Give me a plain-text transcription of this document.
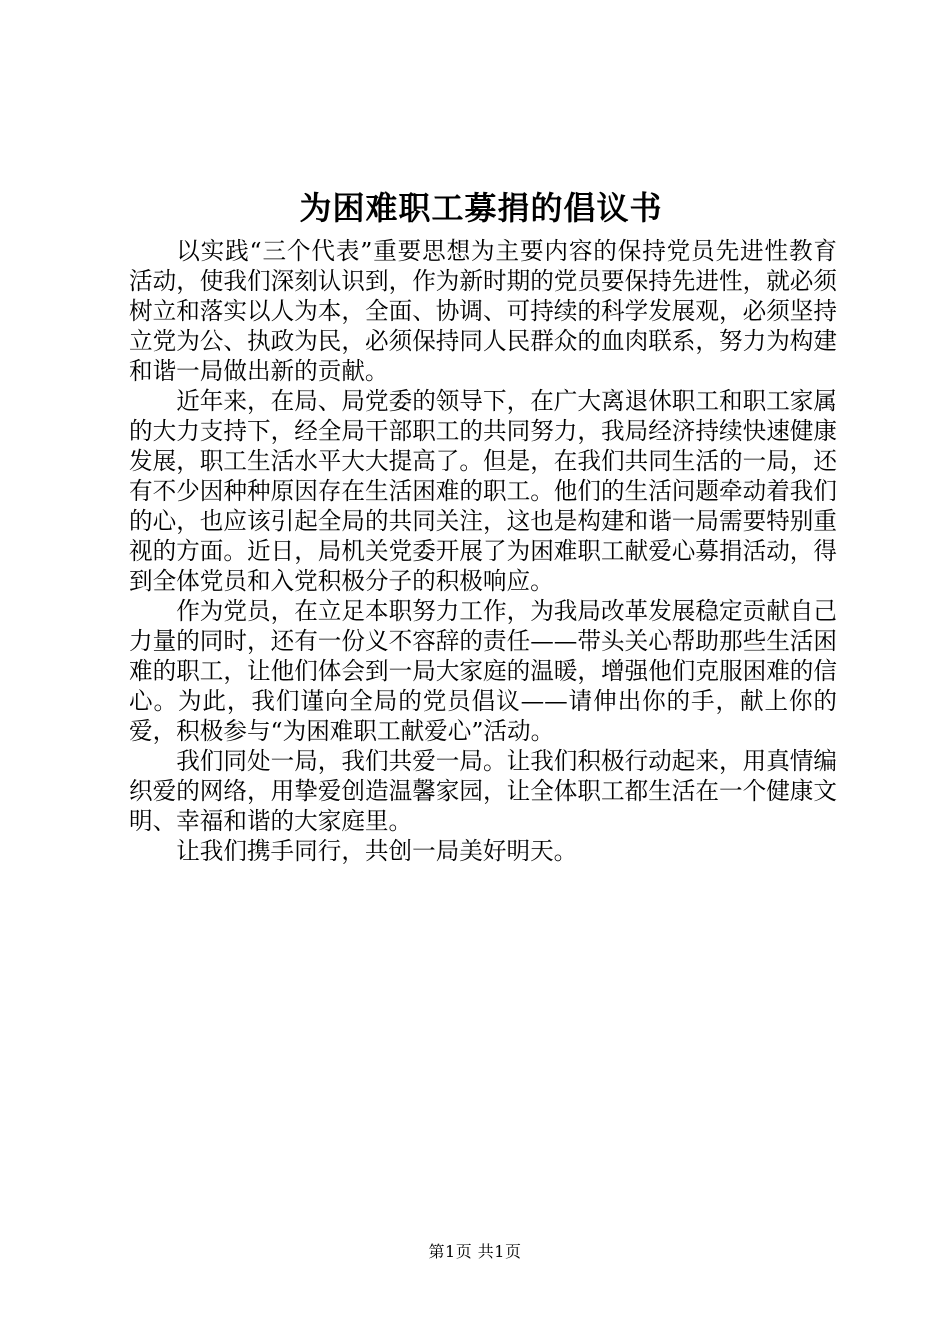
为困难职工募捐的倡议书

以实践“三个代表”重要思想为主要内容的保持党员先进性教育活动，使我们深刻认识到，作为新时期的党员要保持先进性，就必须树立和落实以人为本，全面、协调、可持续的科学发展观，必须坚持立党为公、执政为民，必须保持同人民群众的血肉联系，努力为构建和谐一局做出新的贡献。

近年来，在局、局党委的领导下，在广大离退休职工和职工家属的大力支持下，经全局干部职工的共同努力，我局经济持续快速健康发展，职工生活水平大大提高了。但是，在我们共同生活的一局，还有不少因种种原因存在生活困难的职工。他们的生活问题牵动着我们的心，也应该引起全局的共同关注，这也是构建和谐一局需要特别重视的方面。近日，局机关党委开展了为困难职工献爱心募捐活动，得到全体党员和入党积极分子的积极响应。

作为党员，在立足本职努力工作，为我局改革发展稳定贡献自己力量的同时，还有一份义不容辞的责任——带头关心帮助那些生活困难的职工，让他们体会到一局大家庭的温暖，增强他们克服困难的信心。为此，我们谨向全局的党员倡议——请伸出你的手，献上你的爱，积极参与“为困难职工献爱心”活动。

我们同处一局，我们共爱一局。让我们积极行动起来，用真情编织爱的网络，用挚爱创造温馨家园，让全体职工都生活在一个健康文明、幸福和谐的大家庭里。

让我们携手同行，共创一局美好明天。

第1页 共1页
